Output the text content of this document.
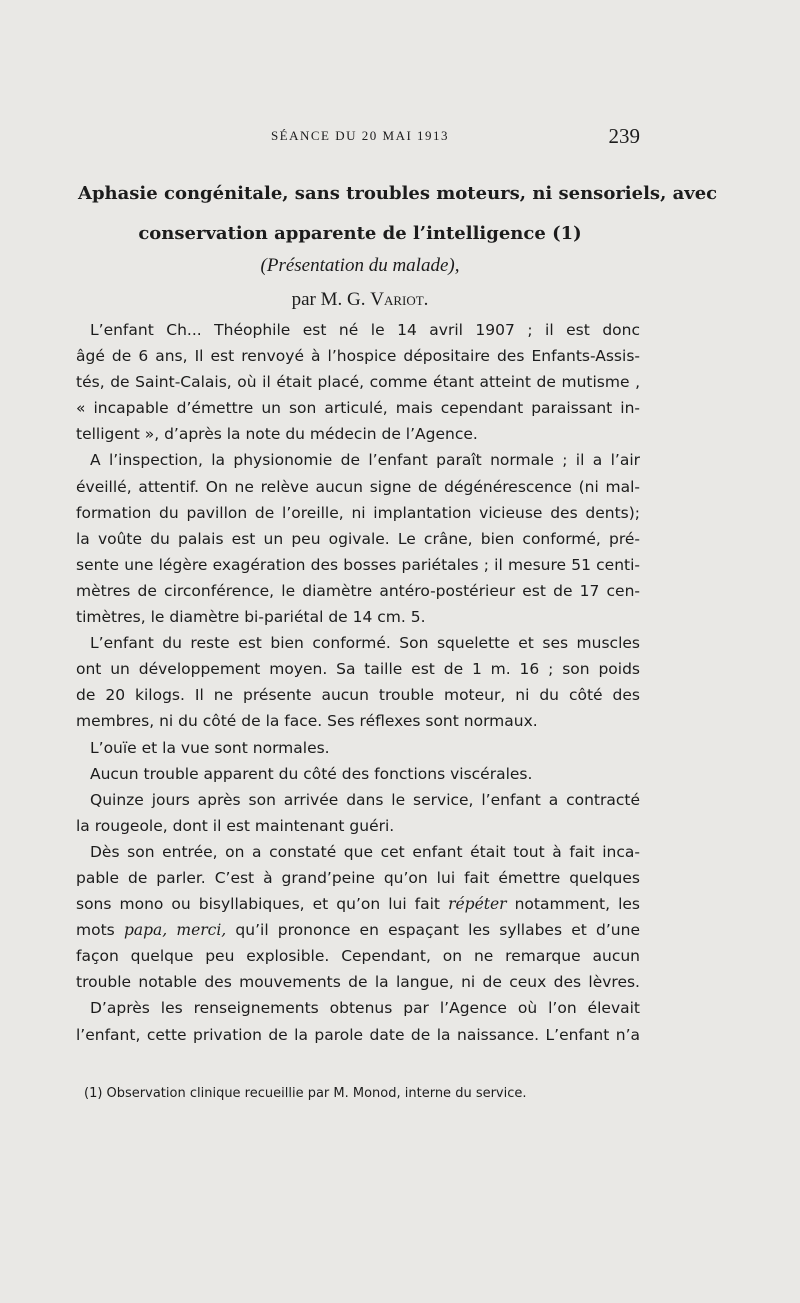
SÉANCE DU 20 MAI 1913	239
Aphasie congénitale, sans troubles moteurs, ni sensoriels, avec
conservation apparente de l’intelligence (1)
(Présentation du malade),
par M. G. Variot.
L’enfant Ch... Théophile est né le 14 avril 1907 ; il est donc
âgé de 6 ans, Il est renvoyé à l’hospice dépositaire des Enfants-Assis-
tés, de Saint-Calais, où il était placé, comme étant atteint de mutisme ,
« incapable d’émettre un son articulé, mais cependant paraissant in-
telligent », d’après la note du médecin de l’Agence.
A l’inspection, la physionomie de l’enfant paraît normale ; il a l’air
éveillé, attentif. On ne relève aucun signe de dégénérescence (ni mal-
formation du pavillon de l’oreille, ni implantation vicieuse des dents);
la voûte du palais est un peu ogivale. Le crâne, bien conformé, pré-
sente une légère exagération des bosses pariétales ; il mesure 51 centi-
mètres de circonférence, le diamètre antéro-postérieur est de 17 cen-
timètres, le diamètre bi-pariétal de 14 cm. 5.
L’enfant du reste est bien conformé. Son squelette et ses muscles
ont un développement moyen. Sa taille est de 1 m. 16 ; son poids
de 20 kilogs. Il ne présente aucun trouble moteur, ni du côté des
membres, ni du côté de la face. Ses réflexes sont normaux.
L’ouïe et la vue sont normales.
Aucun trouble apparent du côté des fonctions viscérales.
Quinze jours après son arrivée dans le service, l’enfant a contracté
la rougeole, dont il est maintenant guéri.
Dès son entrée, on a constaté que cet enfant était tout à fait inca-
pable de parler. C’est à grand’peine qu’on lui fait émettre quelques
sons mono ou bisyllabiques, et qu’on lui fait répéter notamment, les
mots papa, merci, qu’il prononce en espaçant les syllabes et d’une
façon quelque peu explosible. Cependant, on ne remarque aucun
trouble notable des mouvements de la langue, ni de ceux des lèvres.
D’après les renseignements obtenus par l’Agence où l’on élevait
l’enfant, cette privation de la parole date de la naissance. L’enfant n’a
(1) Observation clinique recueillie par M. Monod, interne du service.
